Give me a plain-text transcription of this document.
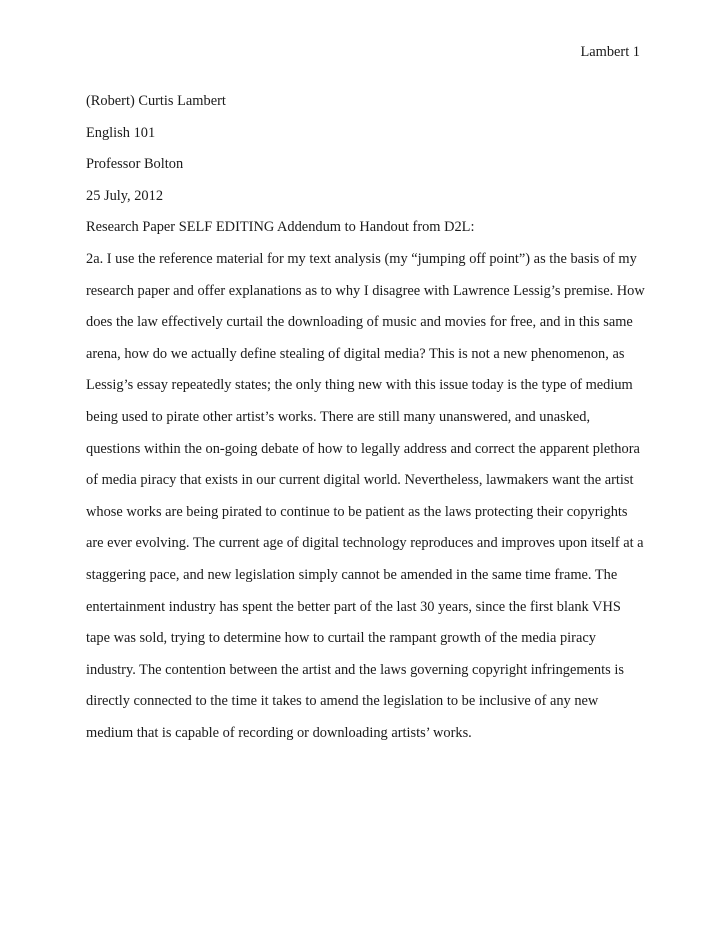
Lambert 1
(Robert) Curtis Lambert
English 101
Professor Bolton
25 July, 2012
Research Paper SELF EDITING Addendum to Handout from D2L:
2a. I use the reference material for my text analysis (my “jumping off point”) as the basis of my
research paper and offer explanations as to why I disagree with Lawrence Lessig’s premise. How
does the law effectively curtail the downloading of music and movies for free, and in this same
arena, how do we actually define stealing of digital media? This is not a new phenomenon, as
Lessig’s essay repeatedly states; the only thing new with this issue today is the type of medium
being used to pirate other artist’s works. There are still many unanswered, and unasked,
questions within the on-going debate of how to legally address and correct the apparent plethora
of media piracy that exists in our current digital world. Nevertheless, lawmakers want the artist
whose works are being pirated to continue to be patient as the laws protecting their copyrights
are ever evolving. The current age of digital technology reproduces and improves upon itself at a
staggering pace, and new legislation simply cannot be amended in the same time frame. The
entertainment industry has spent the better part of the last 30 years, since the first blank VHS
tape was sold, trying to determine how to curtail the rampant growth of the media piracy
industry. The contention between the artist and the laws governing copyright infringements is
directly connected to the time it takes to amend the legislation to be inclusive of any new
medium that is capable of recording or downloading artists’ works.
